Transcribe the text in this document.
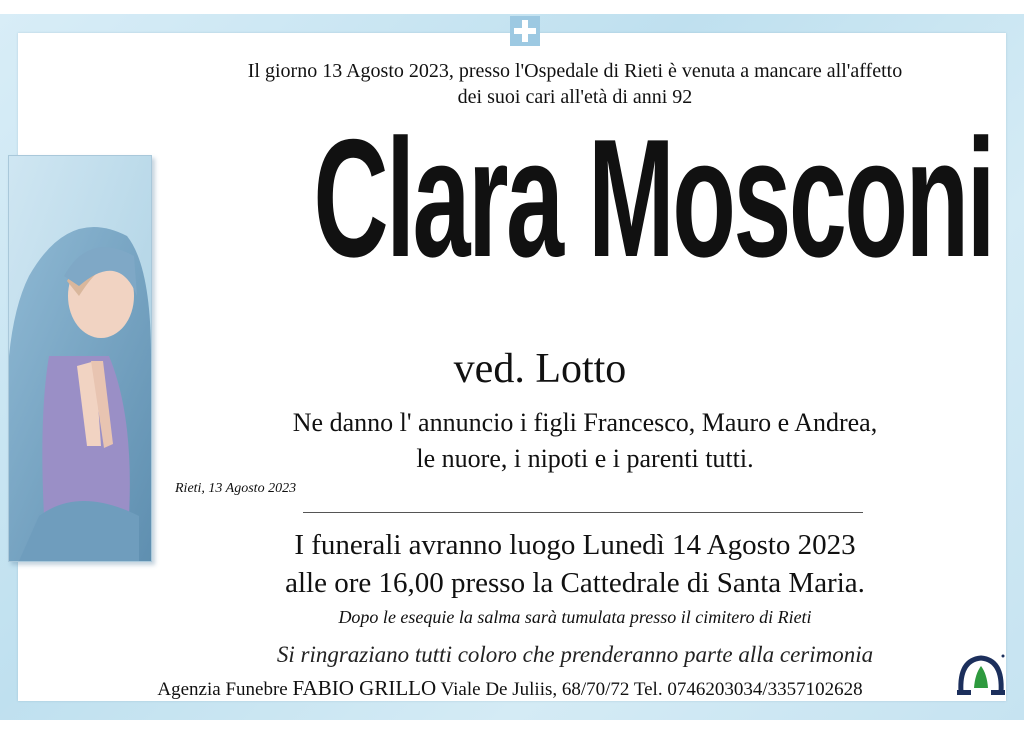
Il giorno 13 Agosto 2023, presso l'Ospedale di Rieti è venuta a mancare all'affetto
dei suoi cari all'età di anni 92
Clara Mosconi
ved. Lotto
Ne danno l' annuncio i figli Francesco, Mauro e Andrea,
le nuore, i nipoti e i parenti tutti.
Rieti, 13 Agosto 2023
I funerali avranno luogo Lunedì 14 Agosto 2023
alle ore 16,00 presso la Cattedrale di Santa Maria.
Dopo le esequie la salma sarà tumulata presso il cimitero di Rieti
Si ringraziano tutti coloro che prenderanno parte alla cerimonia
Agenzia Funebre FABIO GRILLO Viale De Juliis, 68/70/72 Tel. 0746203034/3357102628
